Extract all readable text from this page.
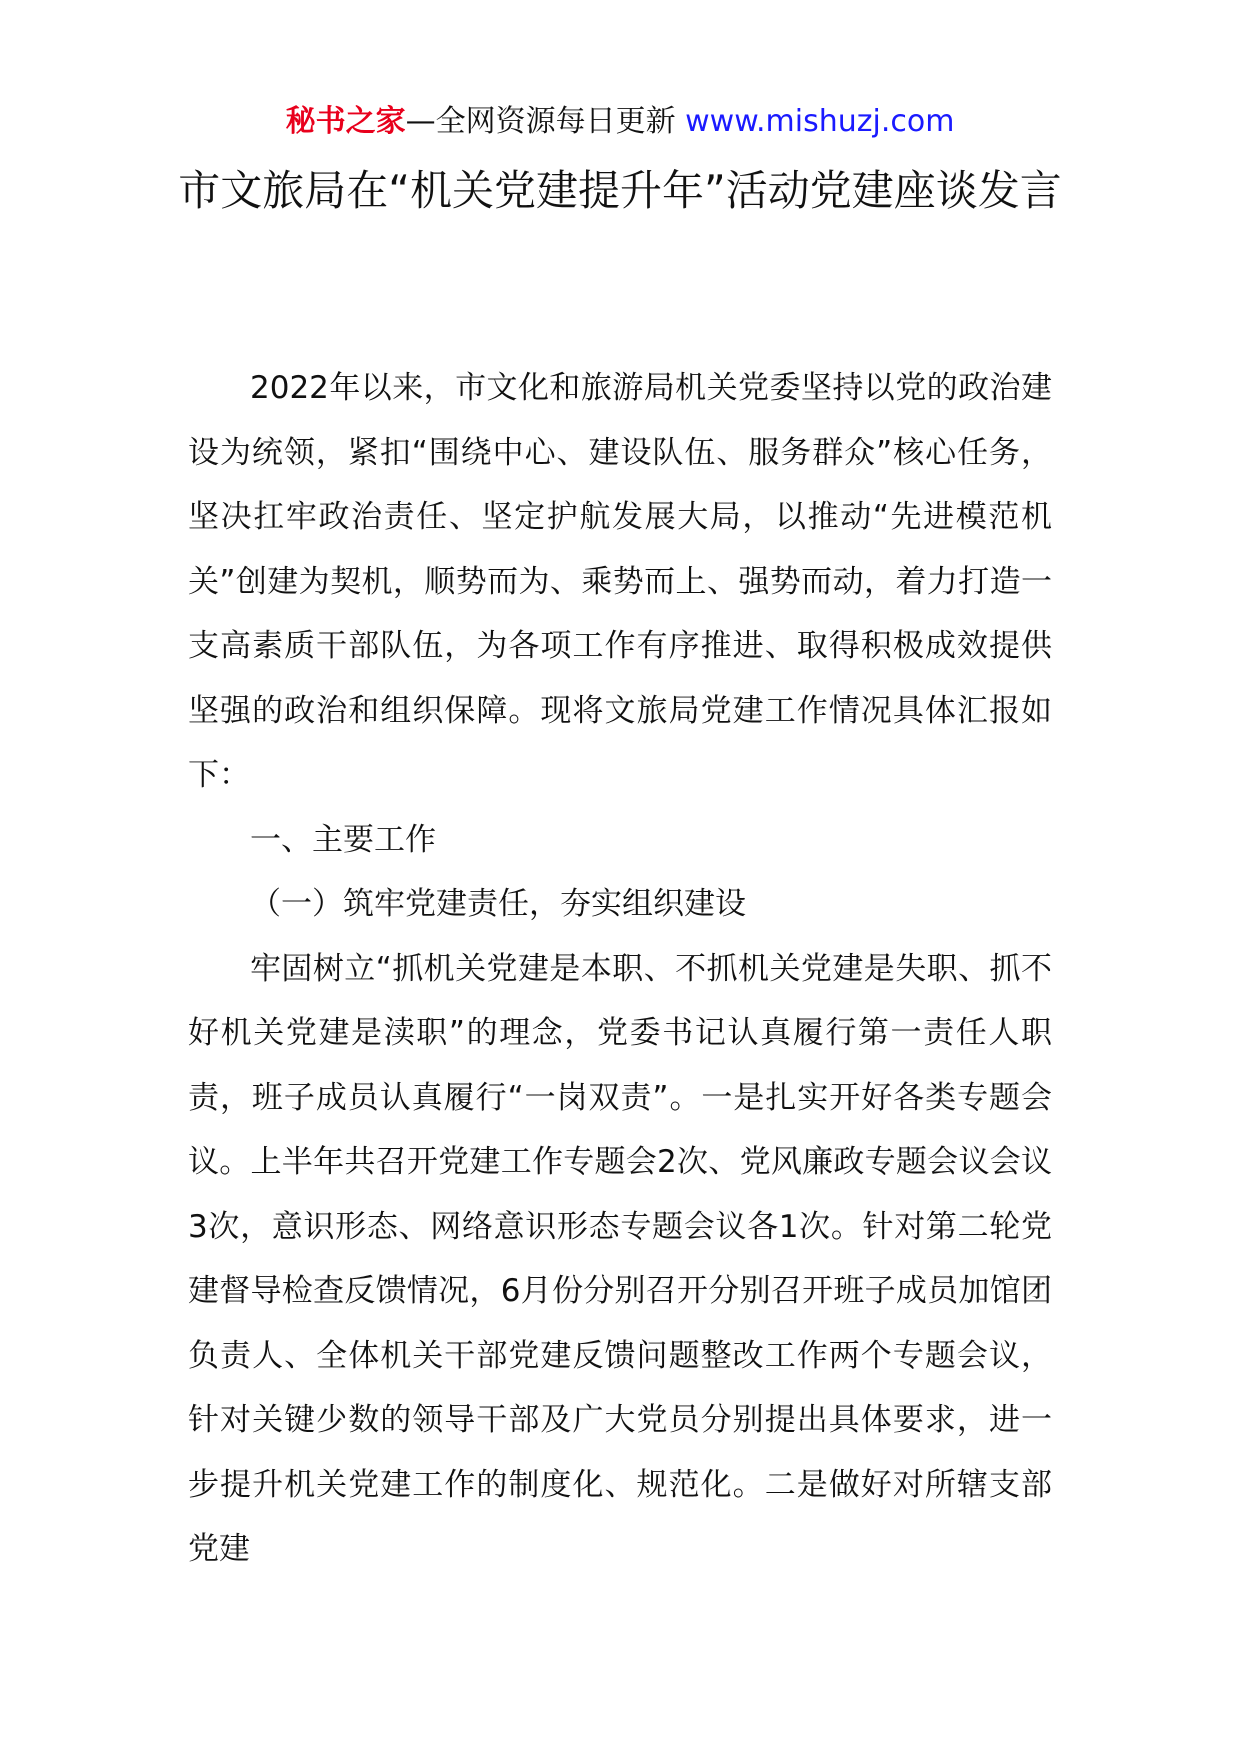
秘书之家—全网资源每日更新 www.mishuzj.com
市文旅局在“机关党建提升年”活动党建座谈发言

2022年以来，市文化和旅游局机关党委坚持以党的政治建设为统领，紧扣“围绕中心、建设队伍、服务群众”核心任务，坚决扛牢政治责任、坚定护航发展大局，以推动“先进模范机关”创建为契机，顺势而为、乘势而上、强势而动，着力打造一支高素质干部队伍，为各项工作有序推进、取得积极成效提供坚强的政治和组织保障。现将文旅局党建工作情况具体汇报如下：

一、主要工作

（一）筑牢党建责任，夯实组织建设

牢固树立“抓机关党建是本职、不抓机关党建是失职、抓不好机关党建是渎职”的理念，党委书记认真履行第一责任人职责，班子成员认真履行“一岗双责”。一是扎实开好各类专题会议。上半年共召开党建工作专题会2次、党风廉政专题会议会议3次，意识形态、网络意识形态专题会议各1次。针对第二轮党建督导检查反馈情况，6月份分别召开分别召开班子成员加馆团负责人、全体机关干部党建反馈问题整改工作两个专题会议，针对关键少数的领导干部及广大党员分别提出具体要求，进一步提升机关党建工作的制度化、规范化。二是做好对所辖支部党建
